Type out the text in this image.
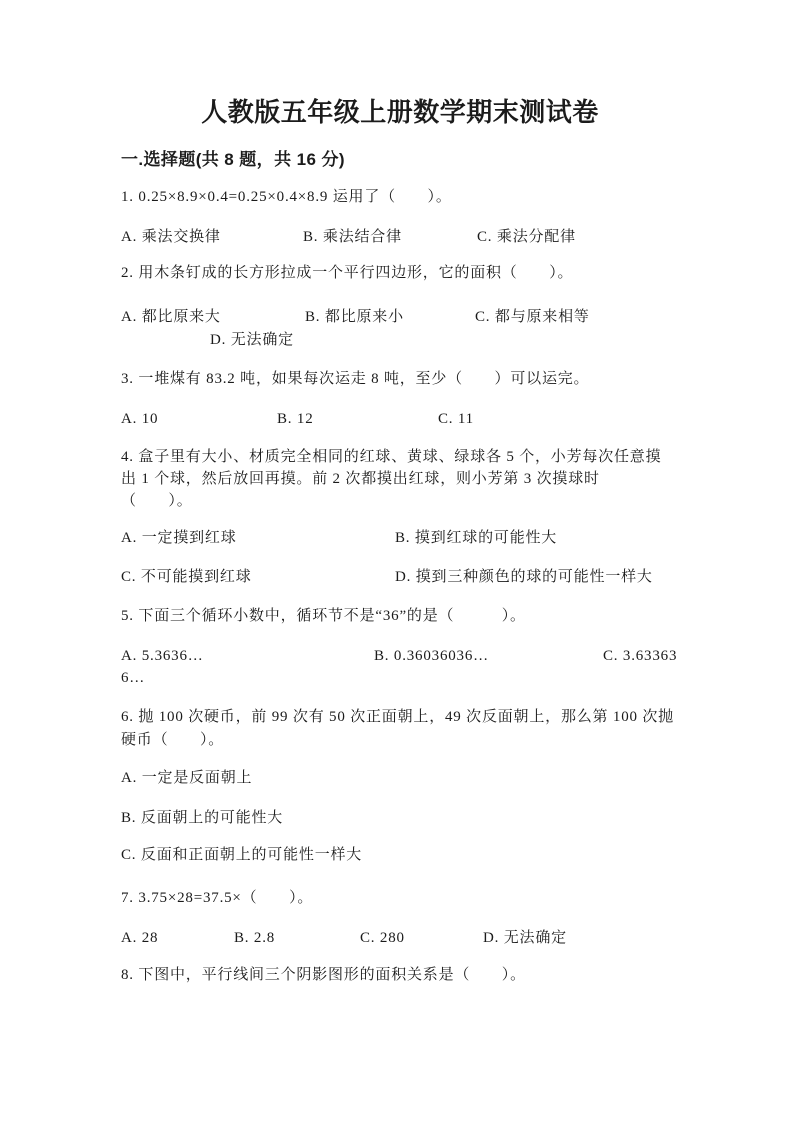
人教版五年级上册数学期末测试卷
一.选择题(共 8 题，共 16 分)
1. 0.25×8.9×0.4=0.25×0.4×8.9 运用了（　　）。
A. 乘法交换律	B. 乘法结合律	C. 乘法分配律
2. 用木条钉成的长方形拉成一个平行四边形，它的面积（　　）。
A. 都比原来大	B. 都比原来小	C. 都与原来相等
D. 无法确定
3. 一堆煤有 83.2 吨，如果每次运走 8 吨，至少（　　）可以运完。
A. 10	B. 12	C. 11
4. 盒子里有大小、材质完全相同的红球、黄球、绿球各 5 个，小芳每次任意摸
出 1 个球，然后放回再摸。前 2 次都摸出红球，则小芳第 3 次摸球时
（　　）。
A. 一定摸到红球	B. 摸到红球的可能性大
C. 不可能摸到红球	D. 摸到三种颜色的球的可能性一样大
5. 下面三个循环小数中，循环节不是“36”的是（　　　）。
A. 5.3636…	B. 0.36036036…	C. 3.63363
6…
6. 抛 100 次硬币，前 99 次有 50 次正面朝上，49 次反面朝上，那么第 100 次抛
硬币（　　）。
A. 一定是反面朝上
B. 反面朝上的可能性大
C. 反面和正面朝上的可能性一样大
7. 3.75×28=37.5×（　　）。
A. 28	B. 2.8	C. 280	D. 无法确定
8. 下图中，平行线间三个阴影图形的面积关系是（　　）。
